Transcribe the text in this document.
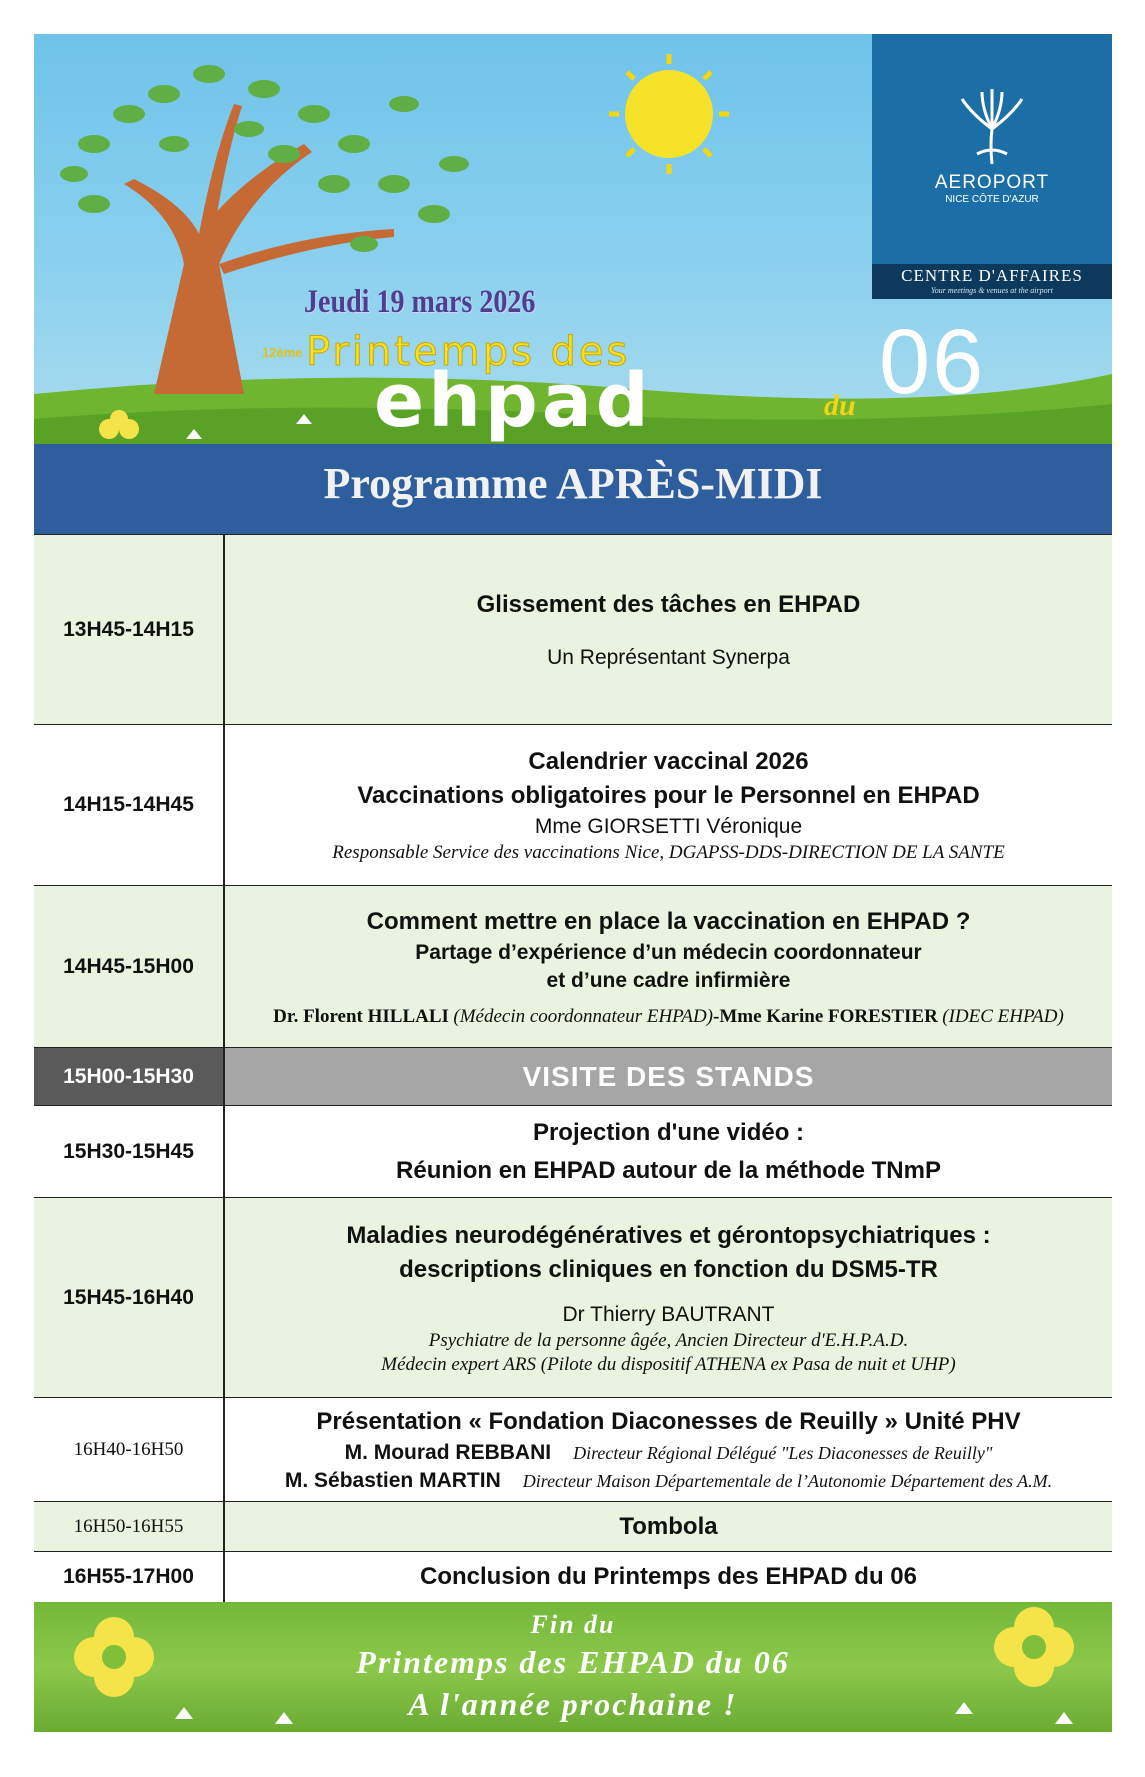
AEROPORT
NICE CÔTE D'AZUR
CENTRE D'AFFAIRES
Your meetings & venues at the airport
Jeudi 19 mars 2026
12ème Printemps des
ehpad	du 06
Programme APRÈS-MIDI
13H45-14H15	Glissement des tâches en EHPAD
Un Représentant Synerpa

14H15-14H45	Calendrier vaccinal 2026
Vaccinations obligatoires pour le Personnel en EHPAD
Mme GIORSETTI Véronique
Responsable Service des vaccinations Nice, DGAPSS-DDS-DIRECTION DE LA SANTE

14H45-15H00	Comment mettre en place la vaccination en EHPAD ?
Partage d’expérience d’un médecin coordonnateur
et d’une cadre infirmière
Dr. Florent HILLALI (Médecin coordonnateur EHPAD)-Mme Karine FORESTIER (IDEC EHPAD)

15H00-15H30	VISITE DES STANDS
15H30-15H45	Projection d'une vidéo :
Réunion en EHPAD autour de la méthode TNmP

15H45-16H40	Maladies neurodégénératives et gérontopsychiatriques :
descriptions cliniques en fonction du DSM5-TR
Dr Thierry BAUTRANT
Psychiatre de la personne âgée, Ancien Directeur d'E.H.P.A.D.
Médecin expert ARS (Pilote du dispositif ATHENA ex Pasa de nuit et UHP)

16H40-16H50	Présentation « Fondation Diaconesses de Reuilly » Unité PHV
M. Mourad REBBANI Directeur Régional Délégué "Les Diaconesses de Reuilly"
M. Sébastien MARTIN Directeur Maison Départementale de l’Autonomie Département des A.M.

16H50-16H55	Tombola
16H55-17H00	Conclusion du Printemps des EHPAD du 06
Fin du
Printemps des EHPAD du 06
A l'année prochaine !
